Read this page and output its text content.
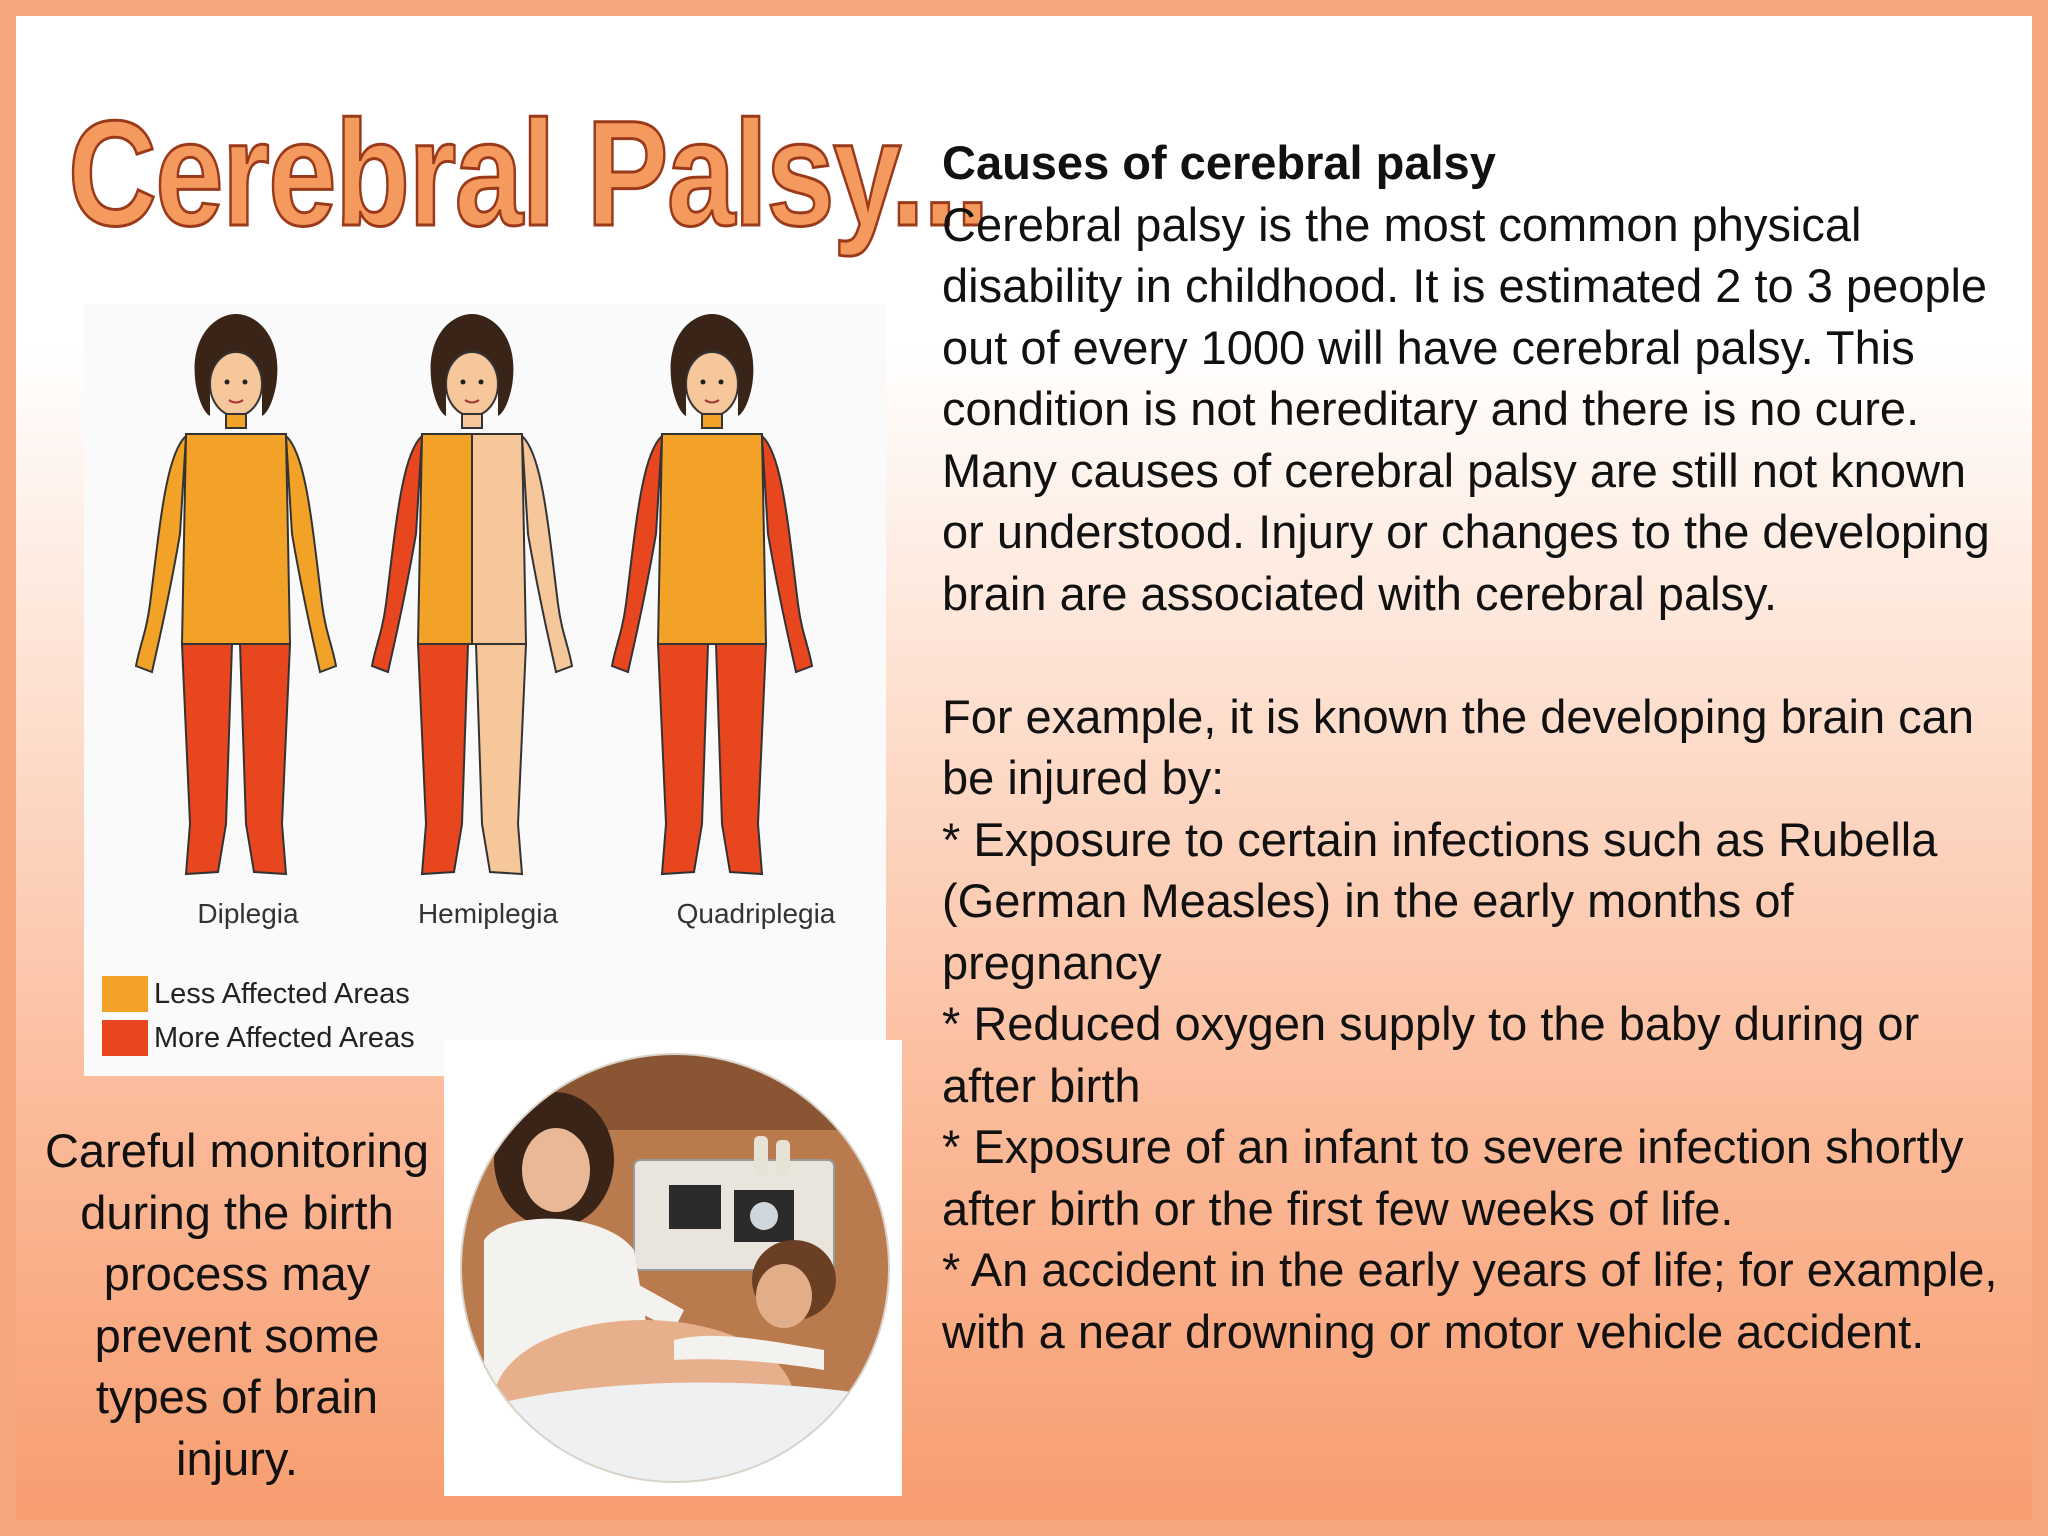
Cerebral Palsy...

Causes of cerebral palsy

Cerebral palsy is the most common physical disability in childhood. It is estimated 2 to 3 people out of every 1000 will have cerebral palsy. This condition is not hereditary and there is no cure. Many causes of cerebral palsy are still not known or understood. Injury or changes to the developing brain are associated with cerebral palsy.

For example, it is known the developing brain can be injured by:

* Exposure to certain infections such as Rubella (German Measles) in the early months of pregnancy

* Reduced oxygen supply to the baby during or after birth

* Exposure of an infant to severe infection shortly after birth or the first few weeks of life.

* An accident in the early years of life; for example, with a near drowning or motor vehicle accident.

Diplegia	Hemiplegia	Quadriplegia
Less Affected Areas
More Affected Areas
Careful monitoring during the birth process may prevent some types of brain injury.
